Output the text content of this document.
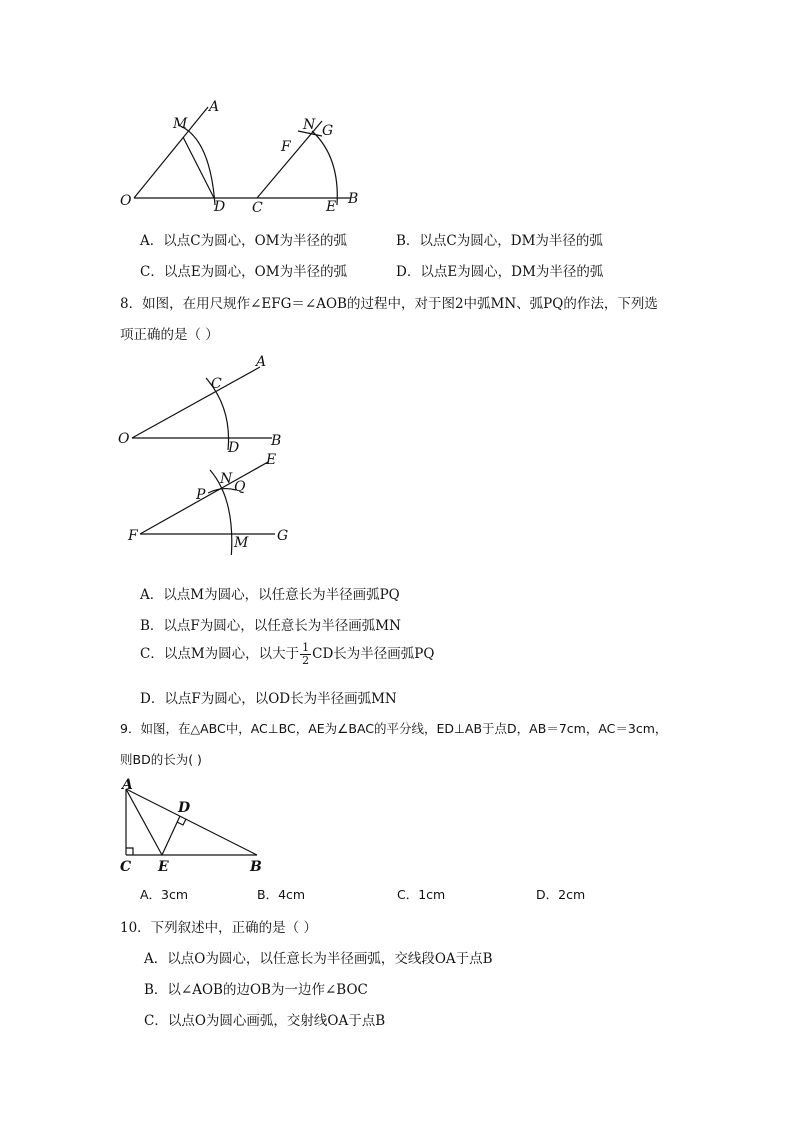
O
M
A
D C
N
F
G
E B
A．以点C为圆心，OM为半径的弧	B．以点C为圆心，DM为半径的弧
C．以点E为圆心，OM为半径的弧	D．以点E为圆心，DM为半径的弧
8．如图，在用尺规作∠EFG＝∠AOB的过程中，对于图2中弧MN、弧PQ的作法，下列选
项正确的是（ ）
A
C
O
D B
E
N Q
P
F	M G
A．以点M为圆心，以任意长为半径画弧PQ
B．以点F为圆心，以任意长为半径画弧MN
C．以点M为圆心，以大于 $\frac{1}{2}$ CD长为半径画弧PQ
D．以点F为圆心，以OD长为半径画弧MN
9．如图，在△ABC中，AC⊥BC，AE为∠BAC的平分线，ED⊥AB于点D，AB＝7cm，AC＝3cm，
则BD的长为( )
A
D
C E	B
A．3cm	B．4cm	C．1cm	D．2cm
10．下列叙述中，正确的是（ ）
A．以点O为圆心，以任意长为半径画弧，交线段OA于点B
B．以∠AOB的边OB为一边作∠BOC
C．以点O为圆心画弧，交射线OA于点B
